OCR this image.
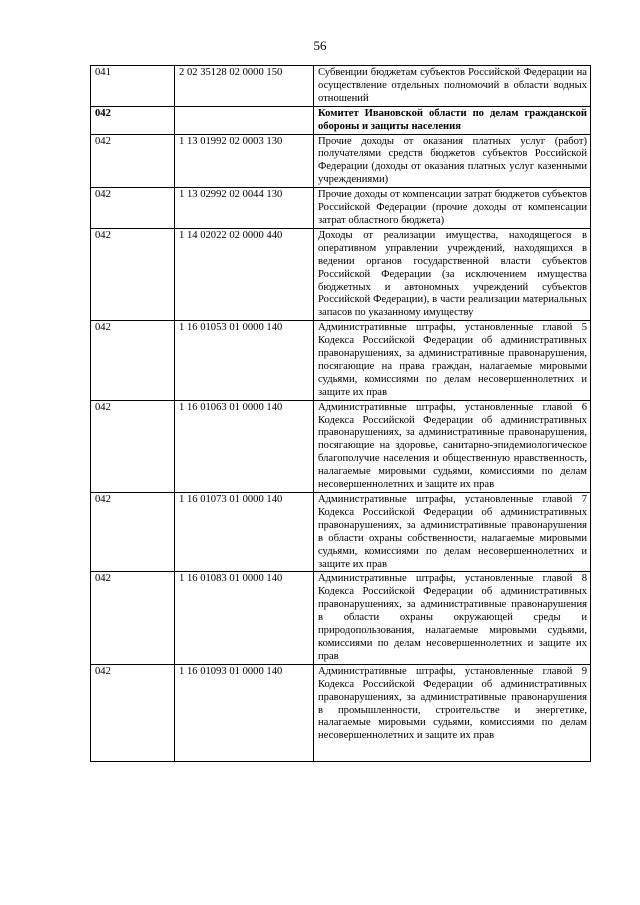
56
041	2 02 35128 02 0000 150	Субвенции бюджетам субъектов Российской Федерации на осуществление отдельных полномочий в области водных отношений
042		Комитет Ивановской области по делам гражданской обороны и защиты населения
042	1 13 01992 02 0003 130	Прочие доходы от оказания платных услуг (работ) получателями средств бюджетов субъектов Российской Федерации (доходы от оказания платных услуг казенными учреждениями)
042	1 13 02992 02 0044 130	Прочие доходы от компенсации затрат бюджетов субъектов Российской Федерации (прочие доходы от компенсации затрат областного бюджета)
042	1 14 02022 02 0000 440	Доходы от реализации имущества, находящегося в оперативном управлении учреждений, находящихся в ведении органов государственной власти субъектов Российской Федерации (за исключением имущества бюджетных и автономных учреждений субъектов Российской Федерации), в части реализации материальных запасов по указанному имуществу
042	1 16 01053 01 0000 140	Административные штрафы, установленные главой 5 Кодекса Российской Федерации об административных правонарушениях, за административные правонарушения, посягающие на права граждан, налагаемые мировыми судьями, комиссиями по делам несовершеннолетних и защите их прав
042	1 16 01063 01 0000 140	Административные штрафы, установленные главой 6 Кодекса Российской Федерации об административных правонарушениях, за административные правонарушения, посягающие на здоровье, санитарно-эпидемиологическое благополучие населения и общественную нравственность, налагаемые мировыми судьями, комиссиями по делам несовершеннолетних и защите их прав
042	1 16 01073 01 0000 140	Административные штрафы, установленные главой 7 Кодекса Российской Федерации об административных правонарушениях, за административные правонарушения в области охраны собственности, налагаемые мировыми судьями, комиссиями по делам несовершеннолетних и защите их прав
042	1 16 01083 01 0000 140	Административные штрафы, установленные главой 8 Кодекса Российской Федерации об административных правонарушениях, за административные правонарушения в области охраны окружающей среды и природопользования, налагаемые мировыми судьями, комиссиями по делам несовершеннолетних и защите их прав
042	1 16 01093 01 0000 140	Административные штрафы, установленные главой 9 Кодекса Российской Федерации об административных правонарушениях, за административные правонарушения в промышленности, строительстве и энергетике, налагаемые мировыми судьями, комиссиями по делам несовершеннолетних и защите их прав
